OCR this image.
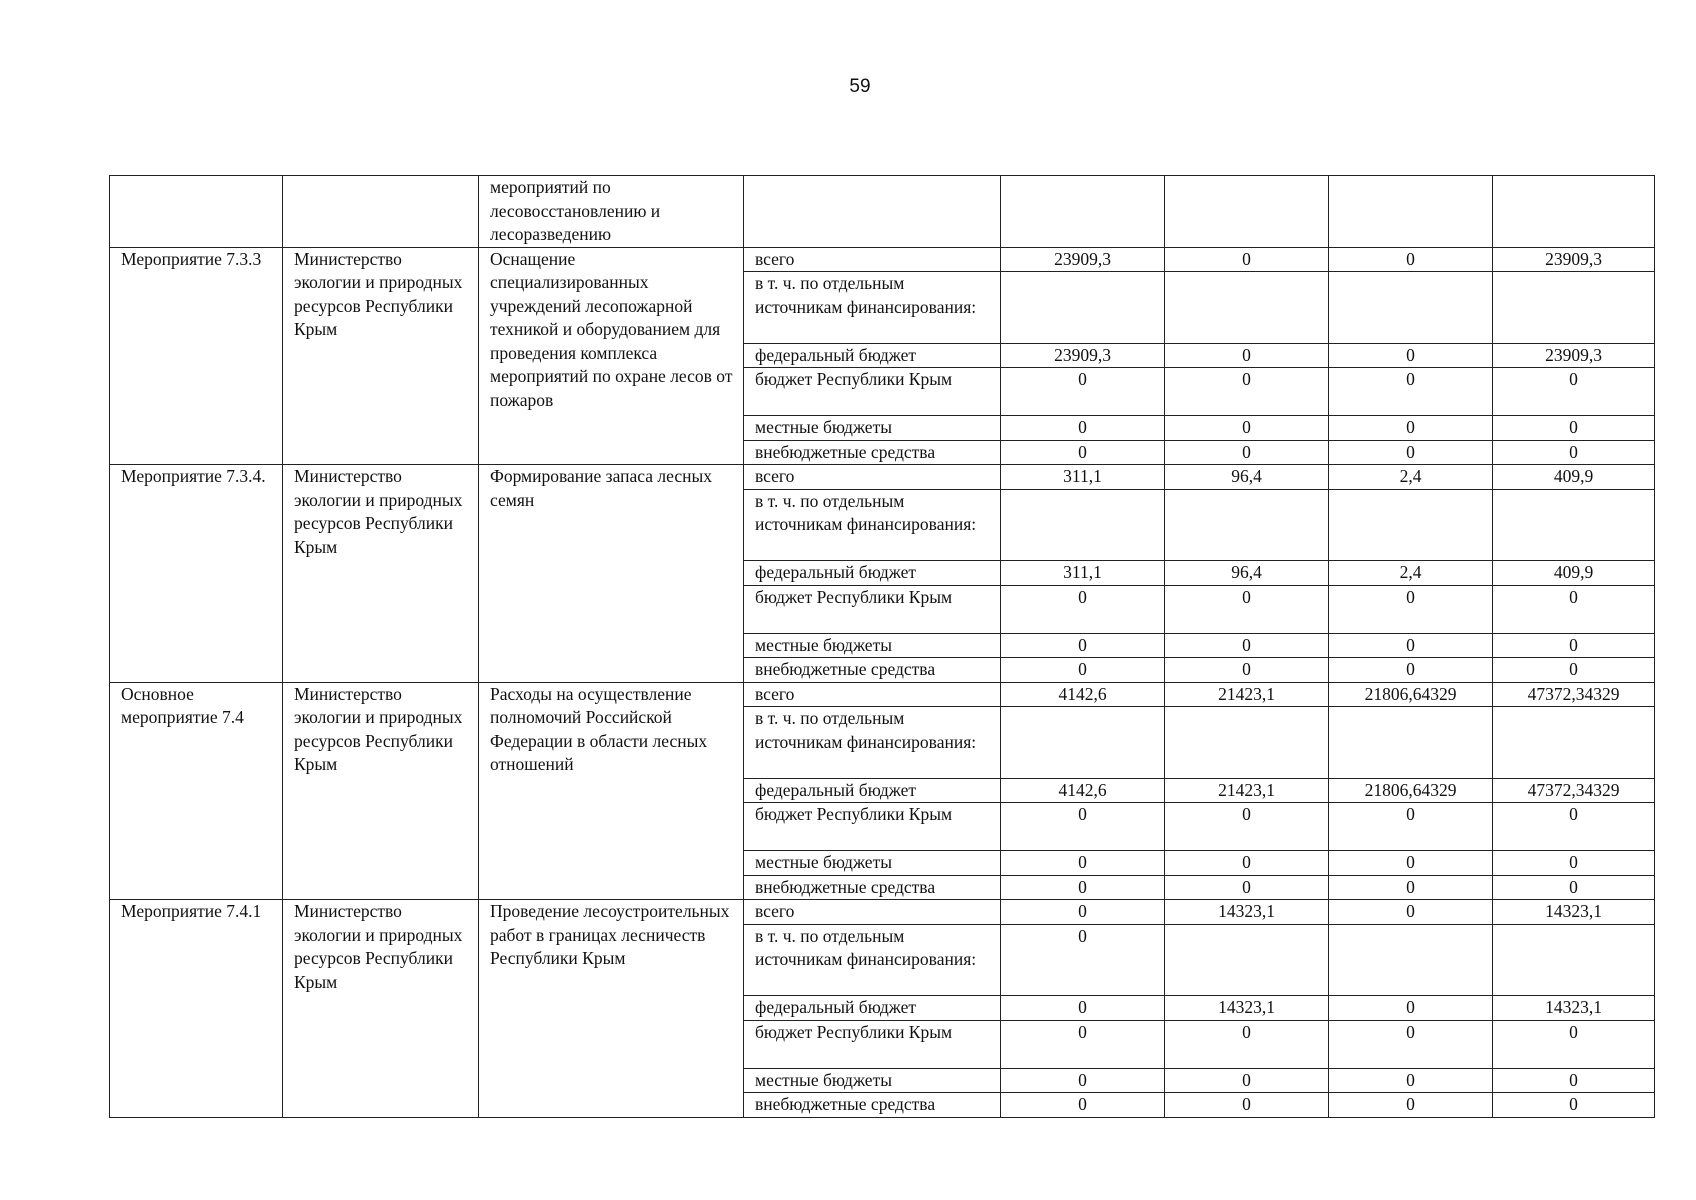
59
		мероприятий по лесовосстановлению и лесоразведению					
Мероприятие 7.3.3	Министерство экологии и природных ресурсов Республики Крым	Оснащение специализированных учреждений лесопожарной техникой и оборудованием для проведения комплекса мероприятий по охране лесов от пожаров	всего	23909,3	0	0	23909,3
			в т. ч. по отдельным источникам финансирования:				
			федеральный бюджет	23909,3	0	0	23909,3
			бюджет Республики Крым	0	0	0	0
			местные бюджеты	0	0	0	0
			внебюджетные средства	0	0	0	0
Мероприятие 7.3.4.	Министерство экологии и природных ресурсов Республики Крым	Формирование запаса лесных семян	всего	311,1	96,4	2,4	409,9
			в т. ч. по отдельным источникам финансирования:				
			федеральный бюджет	311,1	96,4	2,4	409,9
			бюджет Республики Крым	0	0	0	0
			местные бюджеты	0	0	0	0
			внебюджетные средства	0	0	0	0
Основное мероприятие 7.4	Министерство экологии и природных ресурсов Республики Крым	Расходы на осуществление полномочий Российской Федерации в области лесных отношений	всего	4142,6	21423,1	21806,64329	47372,34329
			в т. ч. по отдельным источникам финансирования:				
			федеральный бюджет	4142,6	21423,1	21806,64329	47372,34329
			бюджет Республики Крым	0	0	0	0
			местные бюджеты	0	0	0	0
			внебюджетные средства	0	0	0	0
Мероприятие 7.4.1	Министерство экологии и природных ресурсов Республики Крым	Проведение лесоустроительных работ в границах лесничеств Республики Крым	всего	0	14323,1	0	14323,1
			в т. ч. по отдельным источникам финансирования:	0			
			федеральный бюджет	0	14323,1	0	14323,1
			бюджет Республики Крым	0	0	0	0
			местные бюджеты	0	0	0	0
			внебюджетные средства	0	0	0	0
